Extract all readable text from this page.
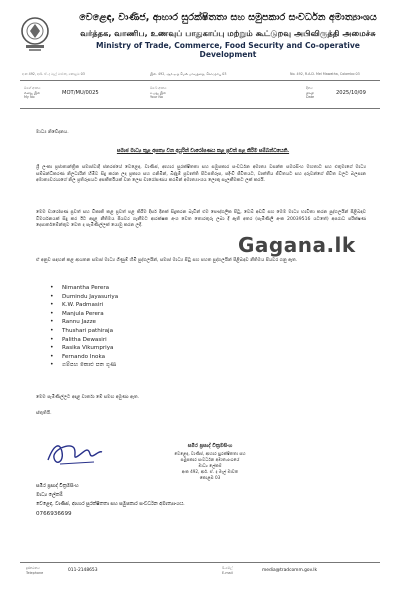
වෙළෙඳ, වාණිජ, ආහාර සුරක්ෂිතතා සහ සමුපකාර සංවර්ධන අමාත්‍යාංශය
வர்த்தக, வாணிப, உணவுப் பாதுகாப்பு மற்றும் கூட்டுறவு அபிவிருத்தி அமைச்சு
Ministry of Trade, Commerce, Food Security and Co-operative Development
අංක 492, ආර්. ඒ. ද මැල් මාවත, කොළඹ 03	இல. 492, ஆர்.ஏ.த மெல் மாவத்தை, கொழும்பு 03	No. 492, R.A.D. Mel Mawatha, Colombo 03
මගේ අංකය
எனது இல
My No
MOT/MU/0025
ඔබේ අංකය
உமது இல
Your No
දිනය
திகதி
Date
2025/10/09
මාධ්‍ය නිවේදනය.
සමාජ මාධ්‍ය තුළ අසත්‍ය වන අයුරින් චාරෝපණය කළ ප්‍රවත් පළ කිරීම සම්බන්ධයෙනි.
ශ්‍රී ලංකා ප්‍රජාතාන්ත්‍රික සමාජවාදී ජනරජයේ වෙළෙඳ, වාණිජ, ආහාර සුරක්ෂිතතා සහ සමුපකාර සංවර්ධන අමාත්‍ය වසන්ත සමරසිංහ මහතාට සහ එතුමාගේ මාධ්‍ය සම්බන්ධීකරණ නිලධාරීන් හිමිව සිදු කරන ලද ප්‍රකාශ සහ ගනිමින්, බිද්දුම් ප්‍රවෘත්ති පිටපතිරූප, පදිංචි ජීවිතයට, වෘත්තීය ජීවිතයට සහ දරුවන්ගේ ජීවිත වලට බලපාන අමාත්‍යවරයාගේ නිල ප්‍රතිරූපයට අපකීර්තියක් වන ලෙස චාරෝපණය කරමින් අමාත්‍යාංශය ලොකු සැලකීමකට ලක් කරයි.
මෙම චාරෝපණ ප්‍රවත් සහ විකෘති කළ ප්‍රවත් පළ කිරීම දීර්ඝ දිනක් සිදුකරන බැවින් එම පෞද්ගලික පිටු, වෙබ් අඩවි සහ මෙම මාධ්‍ය භාවිතා කරන පුද්ගලයින් පිළිබඳව විමර්ශනයක් සිදු කර ඊට අදාළ නීතිමය පියවර ගැනීමට ආරක්ෂක අංශ වෙත තොරතුරු ලබා දී ඇති අතර (පැමිණිලි අංක 20039516 යටතේ) අපරාධ පරීක්ෂණ දෙපාර්තමේන්තුව වෙත ද පැමිණිල්ලක් යොමු කරන ලදී.
ඒ අනුව සඳහන් කළ ආයතන සමාජ මාධ්‍ය ගිණුම් හිමි පුද්ගලයින්, සමාජ මාධ්‍ය පිටු සහ පහත පුද්ගලයින් පිළිබඳව නීතිමය පියවර ගනු ඇත.
Gagana.lk
• Nimantha Perera
• Dumindu Jayasuriya
• K.W. Padmasiri
• Manjula Perera
• Rannu Jazze
• Thushari pathiraja
• Palitha Dewasiri
• Rasika Vikumpriya
• Fernando Inoka
• ගම්පහ කොළු පත ගුණ
මෙම පැමිණිල්ලට අදාළ වාර්තා මේ සමඟ අමුණා ඇත.
ස්තුතියි.
සමිර ප්‍රසාද් වික්‍රමසිංහ
වෙළෙඳ, වාණිජ, ආහාර සුරක්ෂිතතා සහ
සමුපකාර සංවර්ධන අමාත්‍යාංශයේ
මාධ්‍ය ලේකම්
අංක 492, ආර්. ඒ. ද මැල් මාවත
කොළඹ 03
සමිර ප්‍රසාද් වික්‍රමසිංහ
මාධ්‍ය ලේකම්
වෙළෙඳ, වාණිජ, ආහාර සුරක්ෂිතතා සහ සමුපකාර සංවර්ධන අමාත්‍යාංශය.
0766936699
දුරකථනය
Telephone	011-2148653	ඊ-මේල්
E-mail	media@tradcomm.gov.lk
